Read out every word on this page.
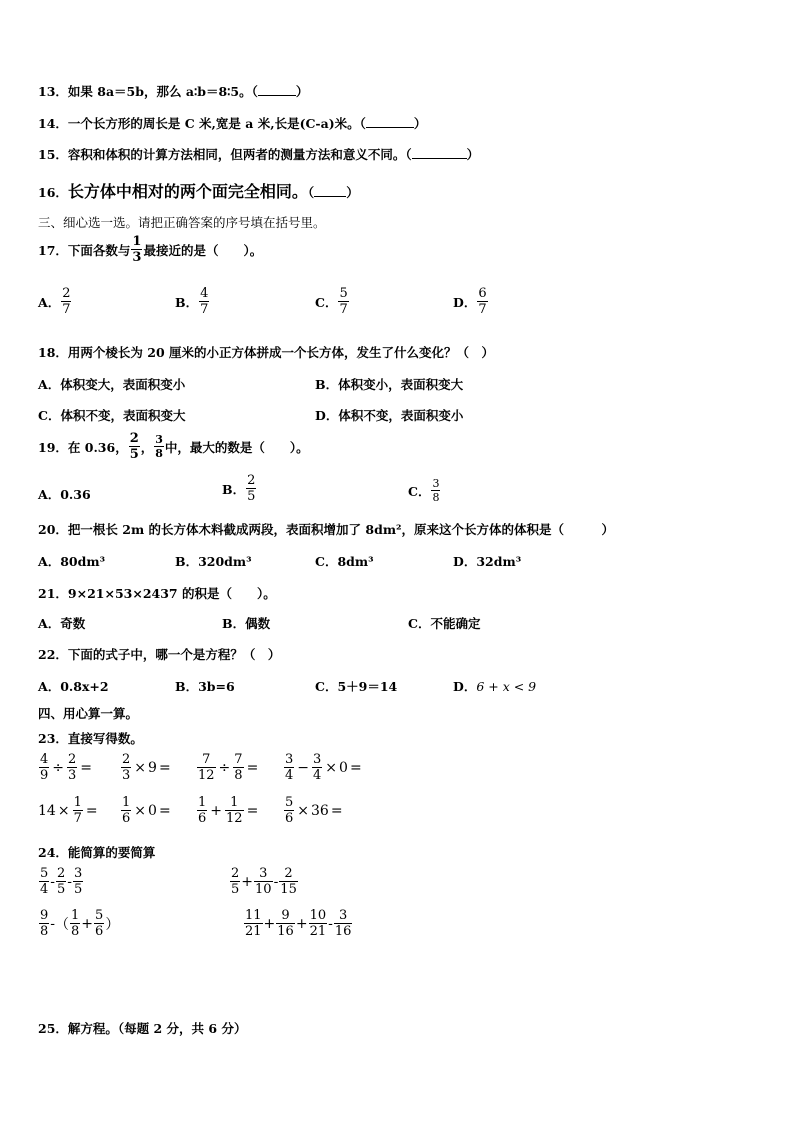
13．如果 8a＝5b，那么 a∶b＝8∶5。（	）
14．一个长方形的周长是 C 米,宽是 a 米,长是(C-a)米。（	）
15．容积和体积的计算方法相同，但两者的测量方法和意义不同。（	）
16．长方体中相对的两个面完全相同。（	）
三、细心选一选。请把正确答案的序号填在括号里。
17． 下面各数与 $\frac{1}{3}$ 最接近的是（　　）。
A． $\frac{2}{7}$	B． $\frac{4}{7}$	C． $\frac{5}{7}$	D． $\frac{6}{7}$
18．用两个棱长为 20 厘米的小正方体拼成一个长方体，发生了什么变化？（　）
A．体积变大，表面积变小	B．体积变小，表面积变大
C．体积不变，表面积变大	D．体积不变，表面积变小
19． 在 0.36， $\frac{2}{5}$ ， $\frac{3}{8}$ 中，最大的数是（　　）。
A．0.36	B． $\frac{2}{5}$	C． $\frac{3}{8}$
20．把一根长 2m 的长方体木料截成两段，表面积增加了 8dm²，原来这个长方体的体积是（　　　）
A．80dm³	B．320dm³	C．8dm³	D．32dm³
21．9×21×53×2437 的积是（　　）。
A．奇数	B．偶数	C．不能确定
22．下面的式子中，哪一个是方程？（　）
A．0.8x+2	B．3b=6	C．5＋9＝14	D．6 + x < 9
四、用心算一算。
23．直接写得数。
$\frac{4}{9} \div \frac{2}{3} = \frac{2}{3} \times 9 = \frac{7}{12} \div \frac{7}{8} = \frac{3}{4} - \frac{3}{4} \times 0$ =
$14 \times \frac{1}{7} = \frac{1}{6} \times 0 = \frac{1}{6} + \frac{1}{12} = \frac{5}{6} \times 36$ =
24．能简算的要简算
$\frac{5}{4} - \frac{2}{5} - \frac{3}{5}$	$\frac{2}{5} + \frac{3}{10} - \frac{2}{15}$
$\frac{9}{8}$ - （ $\frac{1}{8} + \frac{5}{6}$ ）	$\frac{11}{21} + \frac{9}{16} + \frac{10}{21} - \frac{3}{16}$
25．解方程。（每题 2 分，共 6 分）
